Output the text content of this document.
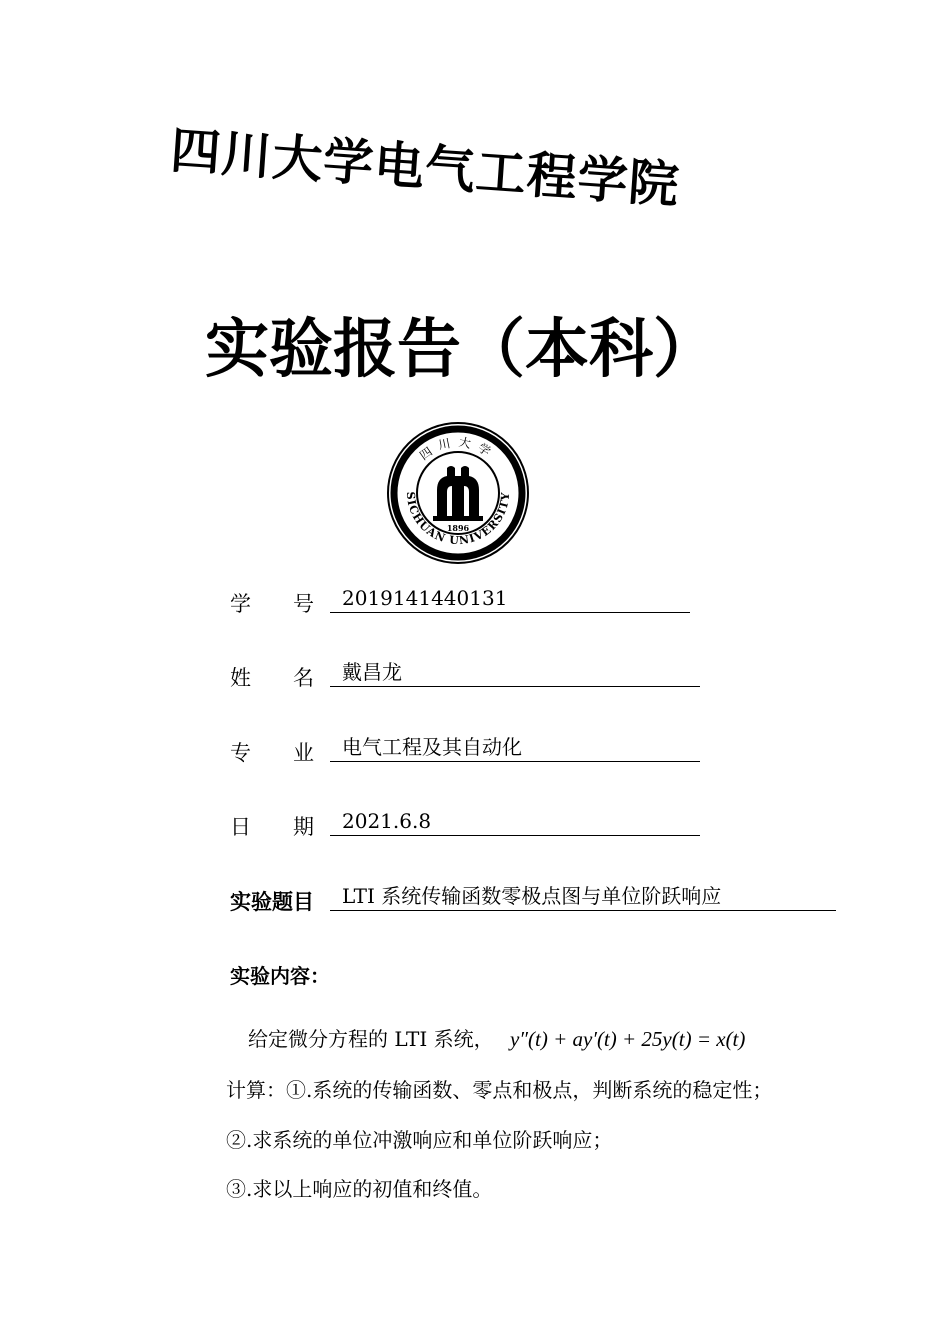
四川大学电气工程学院
实验报告（本科）
SICHUAN UNIVERSITY
四川大学
1896
学　　号	2019141440131
姓　　名	戴昌龙
专　　业	电气工程及其自动化
日　　期	2021.6.8
实验题目	LTI 系统传输函数零极点图与单位阶跃响应
实验内容：
给定微分方程的 LTI 系统， y″(t) + ay′(t) + 25y(t) = x(t)
计算：①.系统的传输函数、零点和极点，判断系统的稳定性；
②.求系统的单位冲激响应和单位阶跃响应；
③.求以上响应的初值和终值。
